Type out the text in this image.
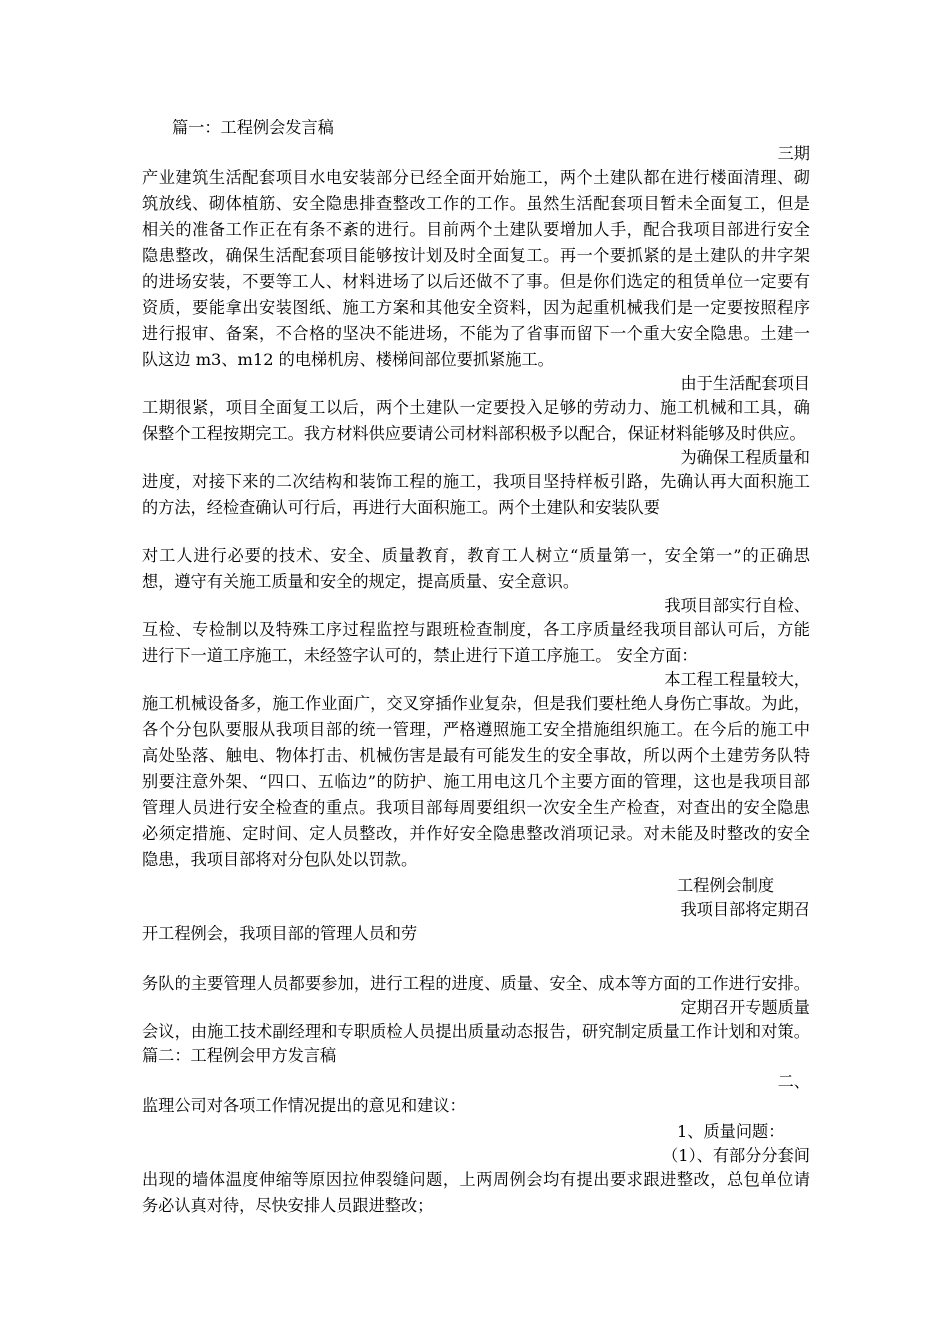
篇一：工程例会发言稿
三期
产业建筑生活配套项目水电安装部分已经全面开始施工，两个土建队都在进行楼面清理、砌
筑放线、砌体植筋、安全隐患排查整改工作的工作。虽然生活配套项目暂未全面复工，但是
相关的准备工作正在有条不紊的进行。目前两个土建队要增加人手，配合我项目部进行安全
隐患整改，确保生活配套项目能够按计划及时全面复工。再一个要抓紧的是土建队的井字架
的进场安装，不要等工人、材料进场了以后还做不了事。但是你们选定的租赁单位一定要有
资质，要能拿出安装图纸、施工方案和其他安全资料，因为起重机械我们是一定要按照程序
进行报审、备案，不合格的坚决不能进场，不能为了省事而留下一个重大安全隐患。土建一
队这边 m3、m12 的电梯机房、楼梯间部位要抓紧施工。
由于生活配套项目
工期很紧，项目全面复工以后，两个土建队一定要投入足够的劳动力、施工机械和工具，确
保整个工程按期完工。我方材料供应要请公司材料部积极予以配合，保证材料能够及时供应。
为确保工程质量和
进度，对接下来的二次结构和装饰工程的施工，我项目坚持样板引路，先确认再大面积施工
的方法，经检查确认可行后，再进行大面积施工。两个土建队和安装队要
对工人进行必要的技术、安全、质量教育，教育工人树立“质量第一，安全第一”的正确思
想，遵守有关施工质量和安全的规定，提高质量、安全意识。
我项目部实行自检、
互检、专检制以及特殊工序过程监控与跟班检查制度，各工序质量经我项目部认可后，方能
进行下一道工序施工，未经签字认可的，禁止进行下道工序施工。 安全方面：
本工程工程量较大，
施工机械设备多，施工作业面广，交叉穿插作业复杂，但是我们要杜绝人身伤亡事故。为此，
各个分包队要服从我项目部的统一管理，严格遵照施工安全措施组织施工。在今后的施工中
高处坠落、触电、物体打击、机械伤害是最有可能发生的安全事故，所以两个土建劳务队特
别要注意外架、“四口、五临边”的防护、施工用电这几个主要方面的管理，这也是我项目部
管理人员进行安全检查的重点。我项目部每周要组织一次安全生产检查，对查出的安全隐患
必须定措施、定时间、定人员整改，并作好安全隐患整改消项记录。对未能及时整改的安全
隐患，我项目部将对分包队处以罚款。
工程例会制度
我项目部将定期召
开工程例会，我项目部的管理人员和劳
务队的主要管理人员都要参加，进行工程的进度、质量、安全、成本等方面的工作进行安排。
定期召开专题质量
会议，由施工技术副经理和专职质检人员提出质量动态报告，研究制定质量工作计划和对策。
篇二：工程例会甲方发言稿
二、
监理公司对各项工作情况提出的意见和建议：
1、质量问题：
（1）、有部分分套间
出现的墙体温度伸缩等原因拉伸裂缝问题，上两周例会均有提出要求跟进整改，总包单位请
务必认真对待，尽快安排人员跟进整改；
